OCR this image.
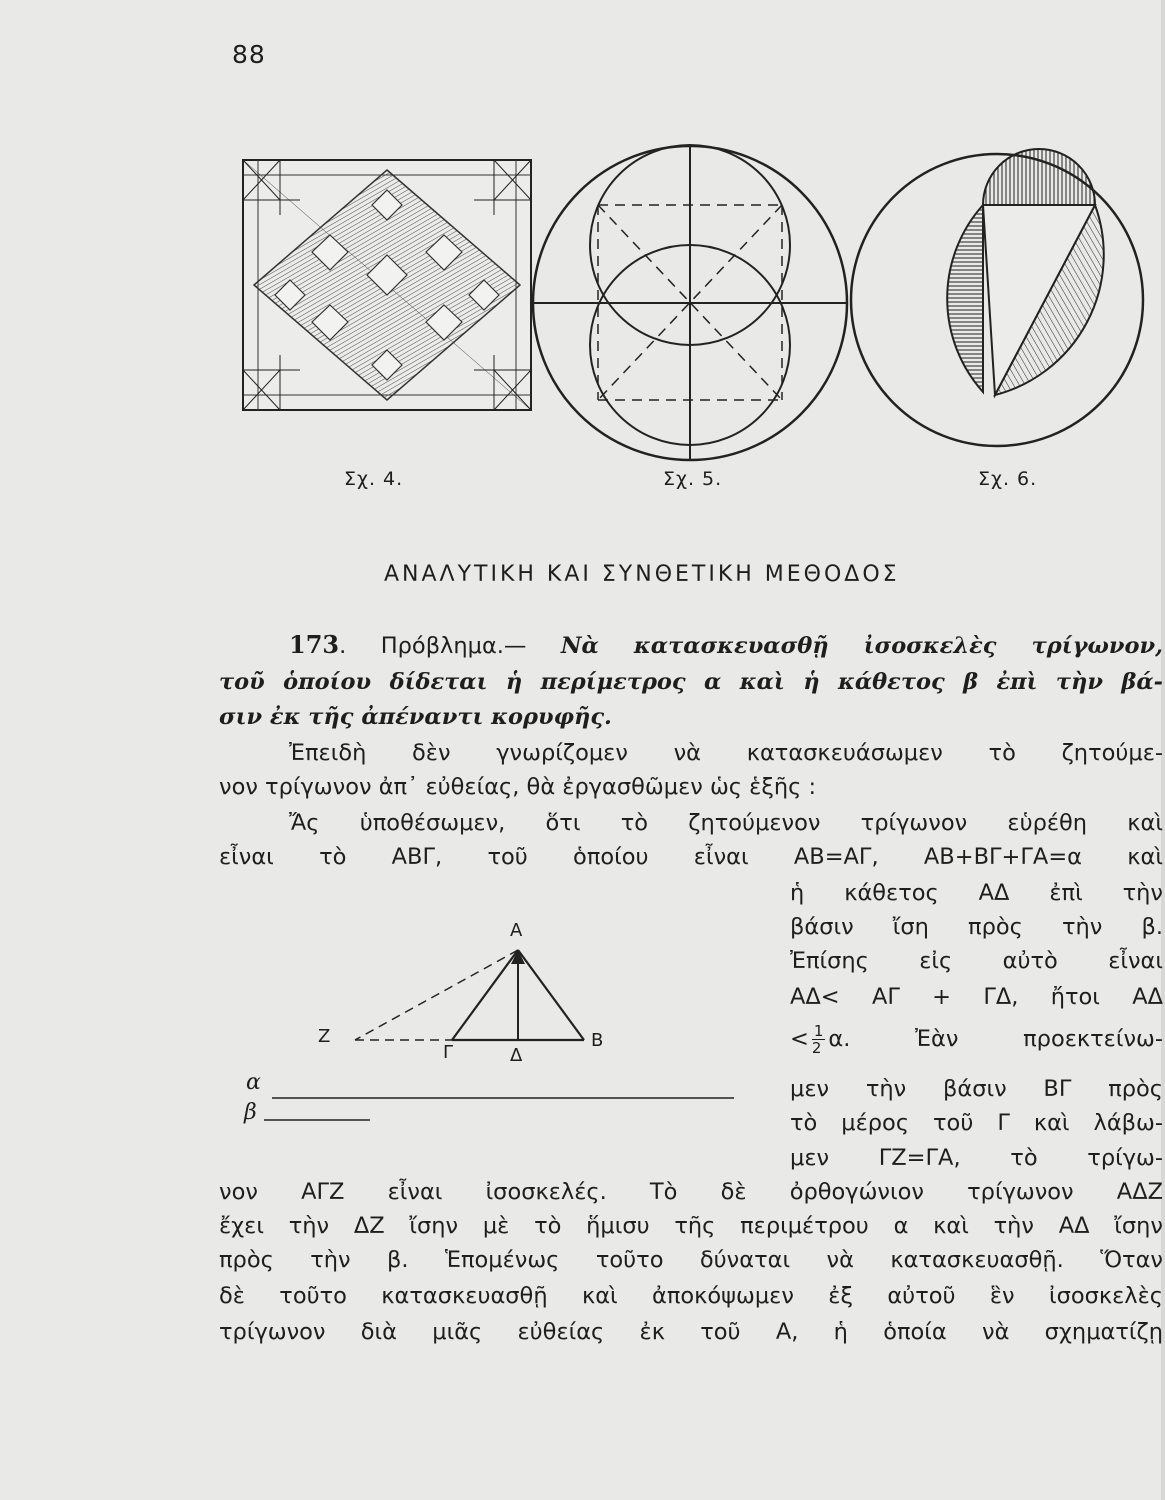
88
Σχ. 4.	Σχ. 5.	Σχ. 6.
ΑΝΑΛΥΤΙΚΗ ΚΑΙ ΣΥΝΘΕΤΙΚΗ ΜΕΘΟΔΟΣ
173. Πρόβλημα.— Νὰ κατασκευασθῇ ἰσοσκελὲς τρίγωνον,
τοῦ ὁποίου δίδεται ἡ περίμετρος α καὶ ἡ κάθετος β ἐπὶ τὴν βά-
σιν ἐκ τῆς ἀπέναντι κορυφῆς.
Ἐπειδὴ δὲν γνωρίζομεν νὰ κατασκευάσωμεν τὸ ζητούμε-
νον τρίγωνον ἀπ᾽ εὐθείας, θὰ ἐργασθῶμεν ὡς ἑξῆς :
Ἄς ὑποθέσωμεν, ὅτι τὸ ζητούμενον τρίγωνον εὑρέθη καὶ
εἶναι τὸ ΑΒΓ, τοῦ ὁποίου εἶναι ΑΒ=ΑΓ, ΑΒ+ΒΓ+ΓΑ=α καὶ
ἡ κάθετος ΑΔ ἐπὶ τὴν
βάσιν ἴση πρὸς τὴν β.
Ἐπίσης εἰς αὐτὸ εἶναι
ΑΔ< ΑΓ + ΓΔ, ἤτοι ΑΔ
< $\frac{1}{2} \alpha$. Ἐὰν προεκτείνω-
μεν τὴν βάσιν ΒΓ πρὸς
τὸ μέρος τοῦ Γ καὶ λάβω-
μεν ΓΖ=ΓΑ, τὸ τρίγω-
νον ΑΓΖ εἶναι ἰσοσκελές. Τὸ δὲ ὀρθογώνιον τρίγωνον ΑΔΖ
ἔχει τὴν ΔΖ ἴσην μὲ τὸ ἥμισυ τῆς περιμέτρου α καὶ τὴν ΑΔ ἴσην
πρὸς τὴν β. Ἑπομένως τοῦτο δύναται νὰ κατασκευασθῇ. Ὅταν
δὲ τοῦτο κατασκευασθῇ καὶ ἀποκόψωμεν ἐξ αὐτοῦ ἓν ἰσοσκελὲς
τρίγωνον διὰ μιᾶς εὐθείας ἐκ τοῦ Α, ἡ ὁποία νὰ σχηματίζῃ
Α
Β
Γ	Δ
Ζ
α
β
